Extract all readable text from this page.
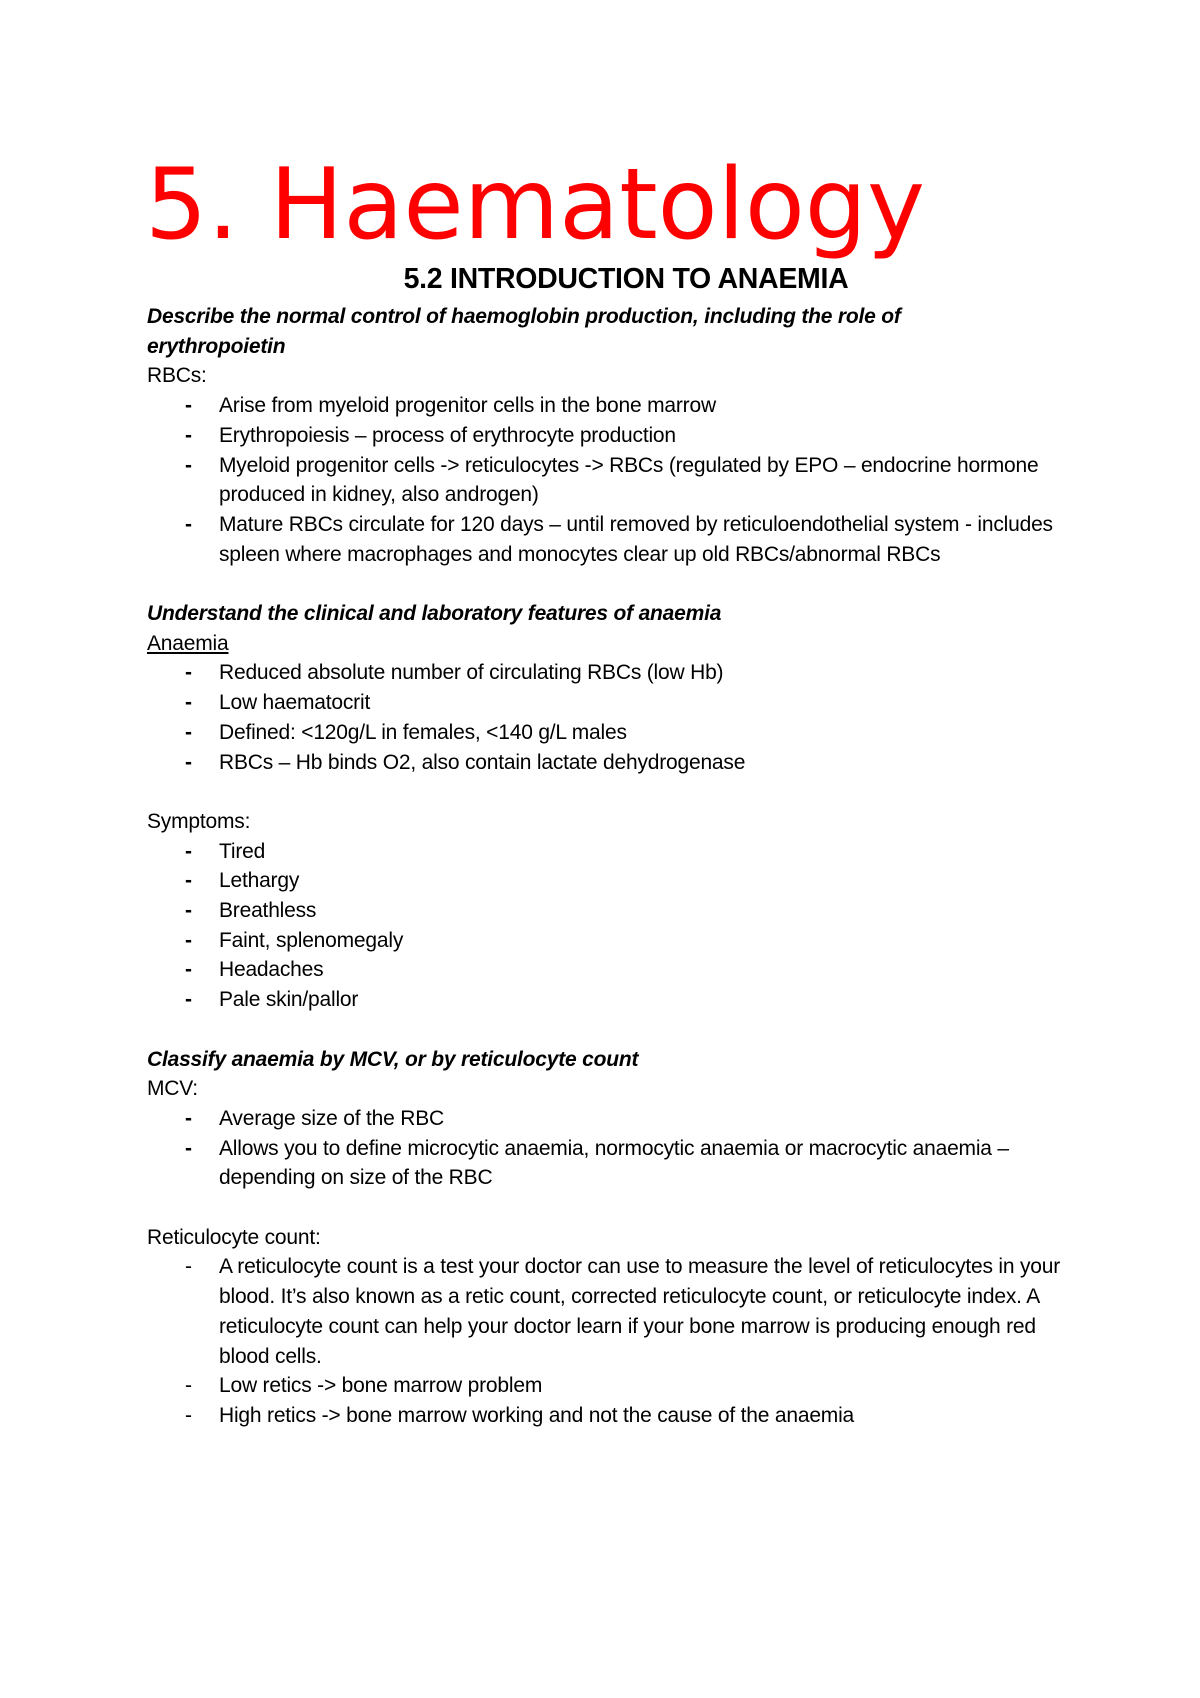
5. Haematology
5.2 INTRODUCTION TO ANAEMIA
Describe the normal control of haemoglobin production, including the role of
erythropoietin
RBCs:
- Arise from myeloid progenitor cells in the bone marrow
- Erythropoiesis – process of erythrocyte production
- Myeloid progenitor cells -> reticulocytes -> RBCs (regulated by EPO – endocrine hormone produced in kidney, also androgen)
- Mature RBCs circulate for 120 days – until removed by reticuloendothelial system - includes spleen where macrophages and monocytes clear up old RBCs/abnormal RBCs
Understand the clinical and laboratory features of anaemia
Anaemia
- Reduced absolute number of circulating RBCs (low Hb)
- Low haematocrit
- Defined: <120g/L in females, <140 g/L males
- RBCs – Hb binds O2, also contain lactate dehydrogenase
Symptoms:
- Tired
- Lethargy
- Breathless
- Faint, splenomegaly
- Headaches
- Pale skin/pallor
Classify anaemia by MCV, or by reticulocyte count
MCV:
- Average size of the RBC
- Allows you to define microcytic anaemia, normocytic anaemia or macrocytic anaemia – depending on size of the RBC
Reticulocyte count:
- A reticulocyte count is a test your doctor can use to measure the level of reticulocytes in your blood. It’s also known as a retic count, corrected reticulocyte count, or reticulocyte index. A reticulocyte count can help your doctor learn if your bone marrow is producing enough red blood cells.
- Low retics -> bone marrow problem
- High retics -> bone marrow working and not the cause of the anaemia
